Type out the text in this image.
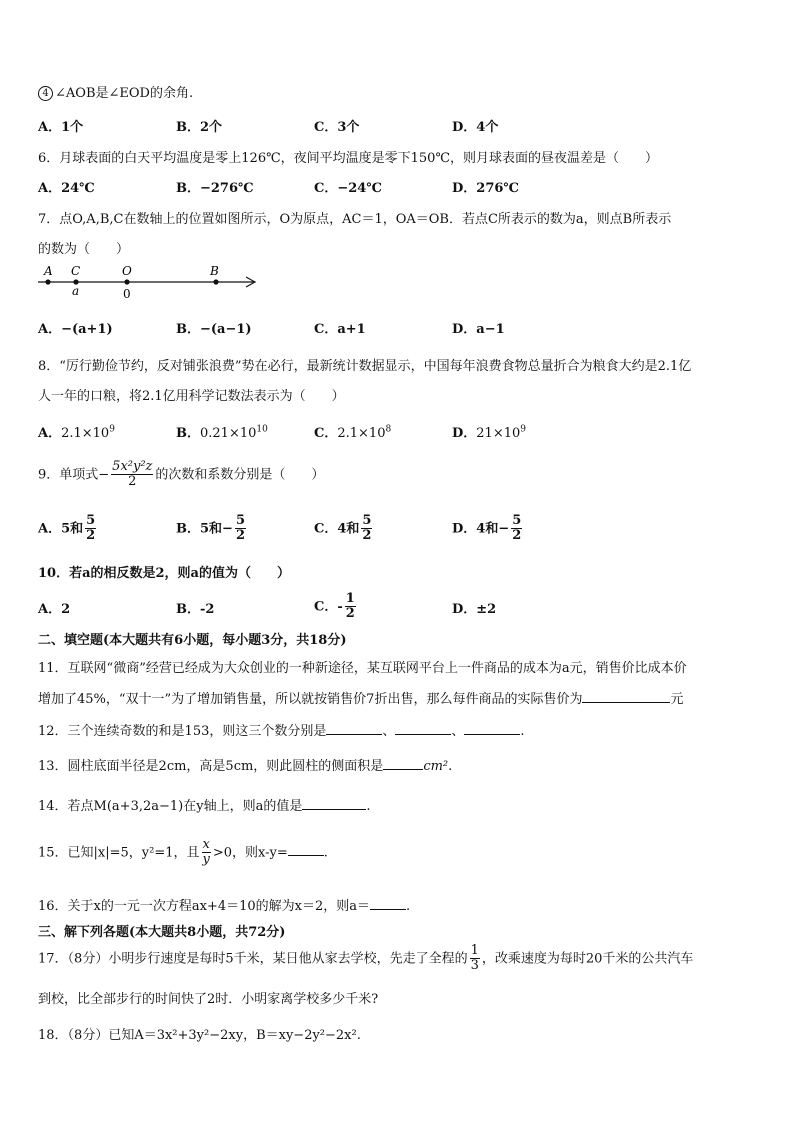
4 ∠AOB是∠EOD的余角.
A．1个	B．2个	C．3个	D．4个
6．月球表面的白天平均温度是零上126℃，夜间平均温度是零下150℃，则月球表面的昼夜温差是（　　）
A．24℃	B．−276℃	C．−24℃	D．276℃
7．点O,A,B,C在数轴上的位置如图所示，O为原点，AC＝1，OA＝OB．若点C所表示的数为a，则点B所表示
的数为（　　）
A C	O	B
a	0
A．−(a+1)	B．−(a−1)	C．a+1	D．a−1
8．“厉行勤俭节约，反对铺张浪费”势在必行，最新统计数据显示，中国每年浪费食物总量折合为粮食大约是2.1亿
人一年的口粮，将2.1亿用科学记数法表示为（　　）
A．$2.1\times 10^9$	B．$0.21\times 10^{10}$	C．$2.1\times 10^8$	D．$21\times 10^9$
9．单项式− $\frac{\text{5x²y²z}}{2}$ 的次数和系数分别是（　　）
A．5和 $\frac{5}{2}$	B．5和− $\frac{5}{2}$	C．4和 $\frac{5}{2}$	D．4和− $\frac{5}{2}$
10．若a的相反数是2，则a的值为（　　）
A．2	B．-2	C．- $\frac{1}{2}$	D．±2
二、填空题(本大题共有6小题，每小题3分，共18分)
11．互联网“微商”经营已经成为大众创业的一种新途径，某互联网平台上一件商品的成本为a元，销售价比成本价
增加了45%，“双十一”为了增加销售量，所以就按销售价7折出售，那么每件商品的实际售价为	元
12．三个连续奇数的和是153，则这三个数分别是	、	、	.
13．圆柱底面半径是2cm，高是5cm，则此圆柱的侧面积是	cm².
14．若点M(a+3,2a−1)在y轴上，则a的值是	.
15．已知|x|=5，y²=1，且 $\frac{x}{y} >0$，则x-y=	.
16．关于x的一元一次方程ax+4＝10的解为x＝2，则a＝	.
三、解下列各题(本大题共8小题，共72分)
17．（8分）小明步行速度是每时5千米，某日他从家去学校，先走了全程的 $\frac{1}{3}$ ，改乘速度为每时20千米的公共汽车
到校，比全部步行的时间快了2时．小明家离学校多少千米?
18．（8分）已知A＝3x²+3y²−2xy，B＝xy−2y²−2x².
